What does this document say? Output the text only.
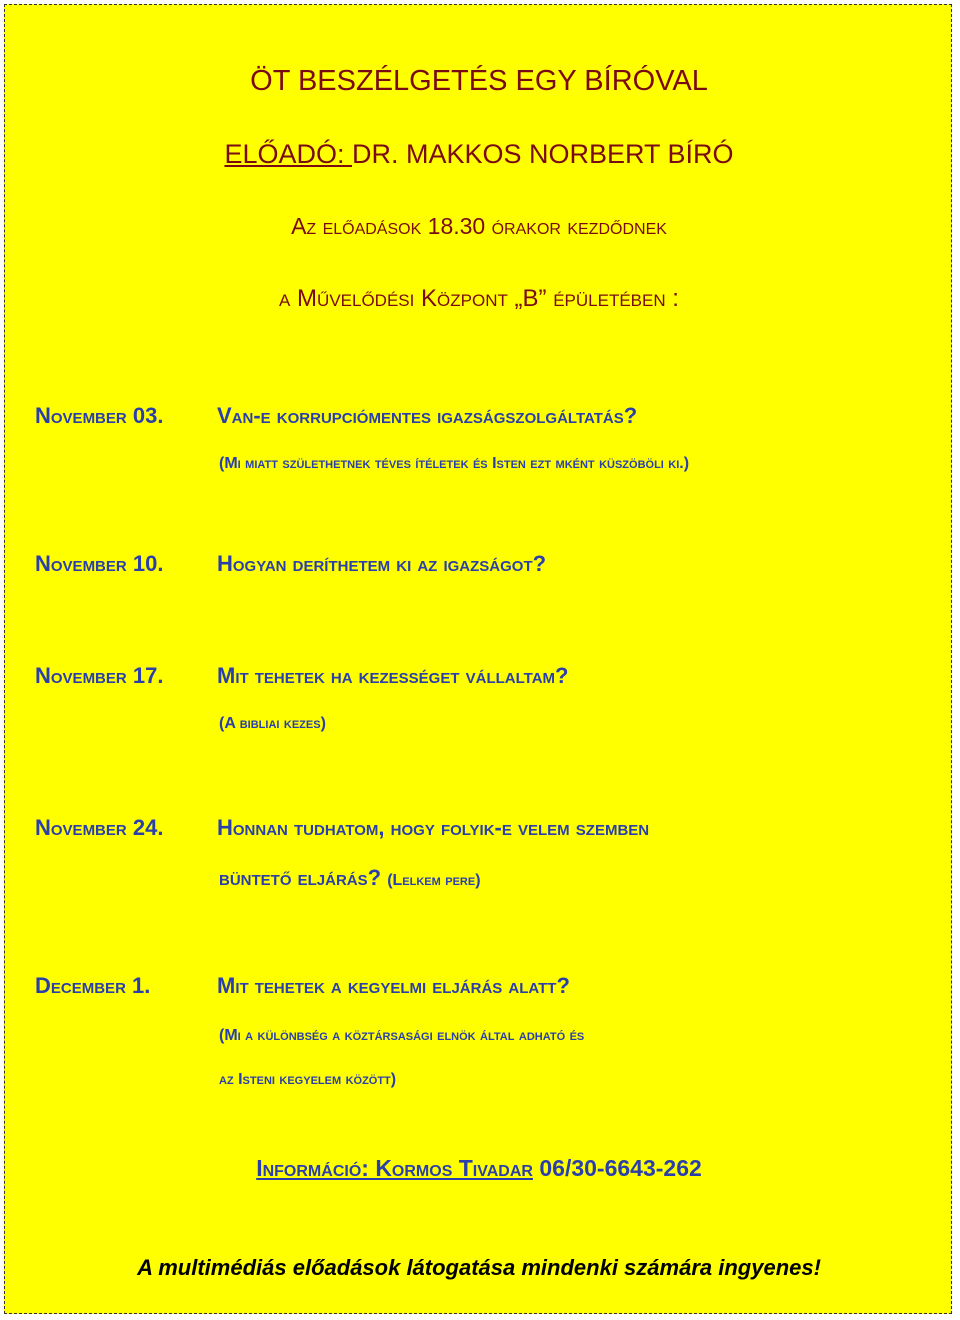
ÖT BESZÉLGETÉS EGY BÍRÓVAL
ELŐADÓ: DR. MAKKOS NORBERT BÍRÓ
Az előadások 18.30 órakor kezdődnek
a Művelődési Központ „B” épületében :
November 03. Van-e korrupciómentes igazságszolgáltatás?
(Mi miatt születhetnek téves ítéletek és Isten ezt mként küszöböli ki.)
November 10. Hogyan deríthetem ki az igazságot?
November 17. Mit tehetek ha kezességet vállaltam?
(A bibliai kezes)
November 24. Honnan tudhatom, hogy folyik-e velem szemben
büntető eljárás? (Lelkem pere)
December 1.	Mit tehetek a kegyelmi eljárás alatt?
(Mi a különbség a köztársasági elnök által adható és
az Isteni kegyelem között)
Információ: Kormos Tivadar 06/30-6643-262
A multimédiás előadások látogatása mindenki számára ingyenes!
